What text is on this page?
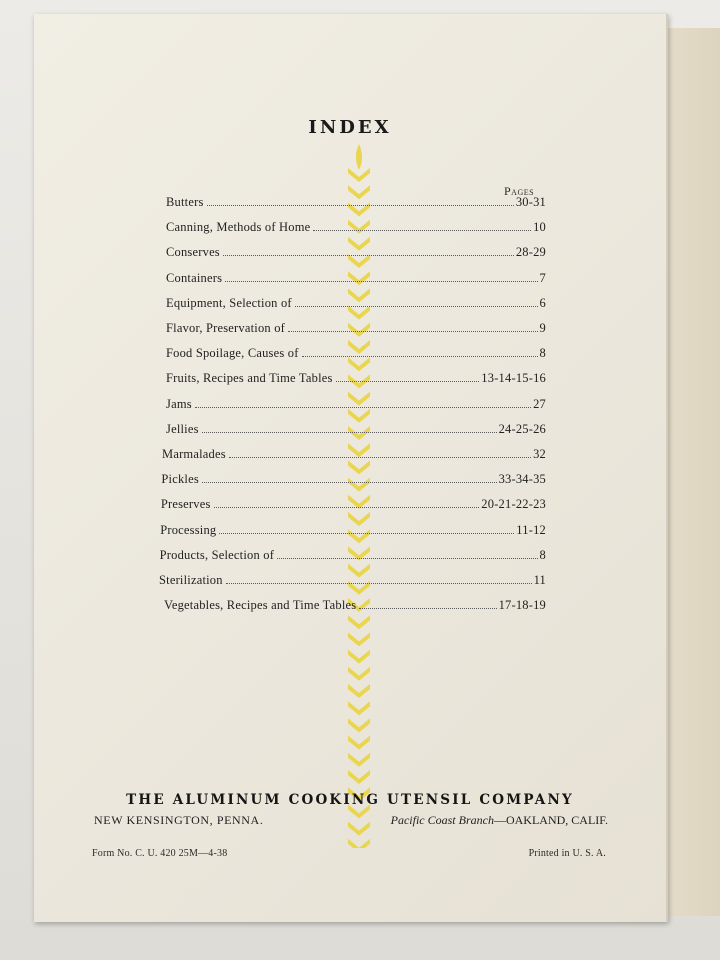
INDEX
Pages
Butters	30-31
Canning, Methods of Home	10
Conserves	28-29
Containers	7
Equipment, Selection of	6
Flavor, Preservation of	9
Food Spoilage, Causes of	8
Fruits, Recipes and Time Tables	13-14-15-16
Jams	27
Jellies	24-25-26
Marmalades	32
Pickles	33-34-35
Preserves	20-21-22-23
Processing	11-12
Products, Selection of	8
Sterilization	11
Vegetables, Recipes and Time Tables	17-18-19
THE ALUMINUM COOKING UTENSIL COMPANY
NEW KENSINGTON, PENNA.	Pacific Coast Branch—OAKLAND, CALIF.
Form No. C. U. 420 25M—4-38	Printed in U. S. A.
